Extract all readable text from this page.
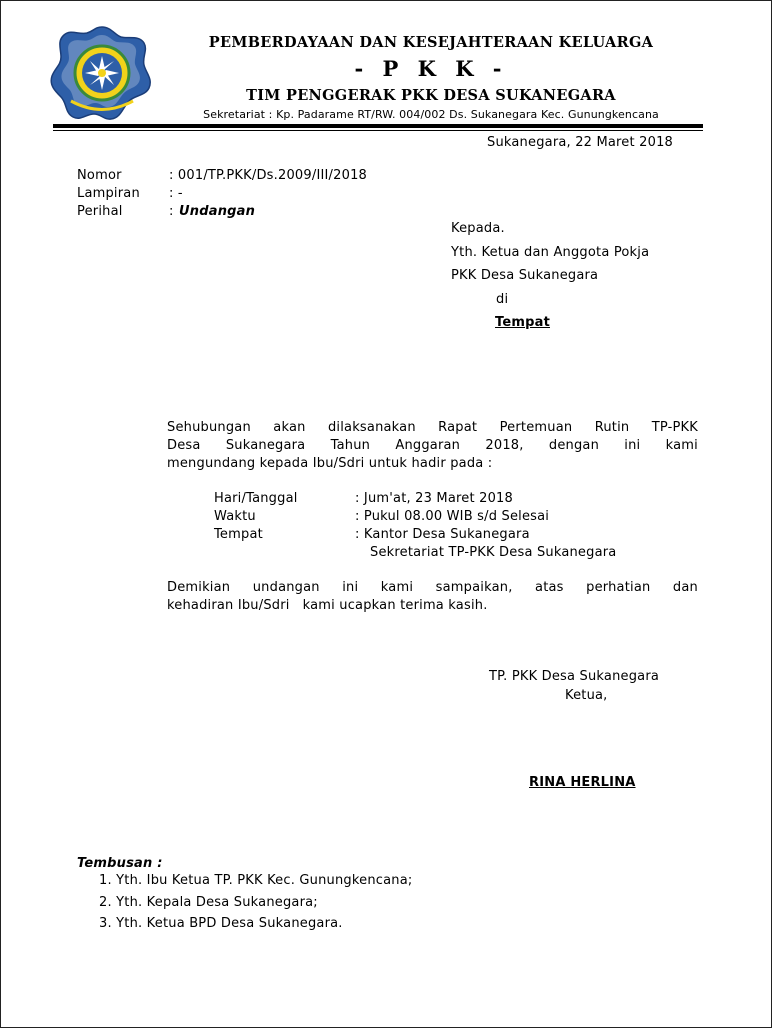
PEMBERDAYAAN DAN KESEJAHTERAAN KELUARGA
- P K K -
TIM PENGGERAK PKK DESA SUKANEGARA
Sekretariat : Kp. Padarame RT/RW. 004/002 Ds. Sukanegara Kec. Gunungkencana
Sukanegara, 22 Maret 2018
Nomor	: 001/TP.PKK/Ds.2009/III/2018
Lampiran : -
Perihal	: Undangan
Kepada.
Yth. Ketua dan Anggota Pokja
PKK Desa Sukanegara
di
Tempat
Sehubungan akan dilaksanakan Rapat Pertemuan Rutin TP-PKK
Desa Sukanegara Tahun Anggaran 2018, dengan ini kami
mengundang kepada Ibu/Sdri untuk hadir pada :
Hari/Tanggal	: Jum'at, 23 Maret 2018
Waktu	: Pukul 08.00 WIB s/d Selesai
Tempat	: Kantor Desa Sukanegara
Sekretariat TP-PKK Desa Sukanegara
Demikian undangan ini kami sampaikan, atas perhatian dan
kehadiran Ibu/Sdri   kami ucapkan terima kasih.
TP. PKK Desa Sukanegara
Ketua,
RINA HERLINA
Tembusan :
1. Yth. Ibu Ketua TP. PKK Kec. Gunungkencana;
2. Yth. Kepala Desa Sukanegara;
3. Yth. Ketua BPD Desa Sukanegara.
